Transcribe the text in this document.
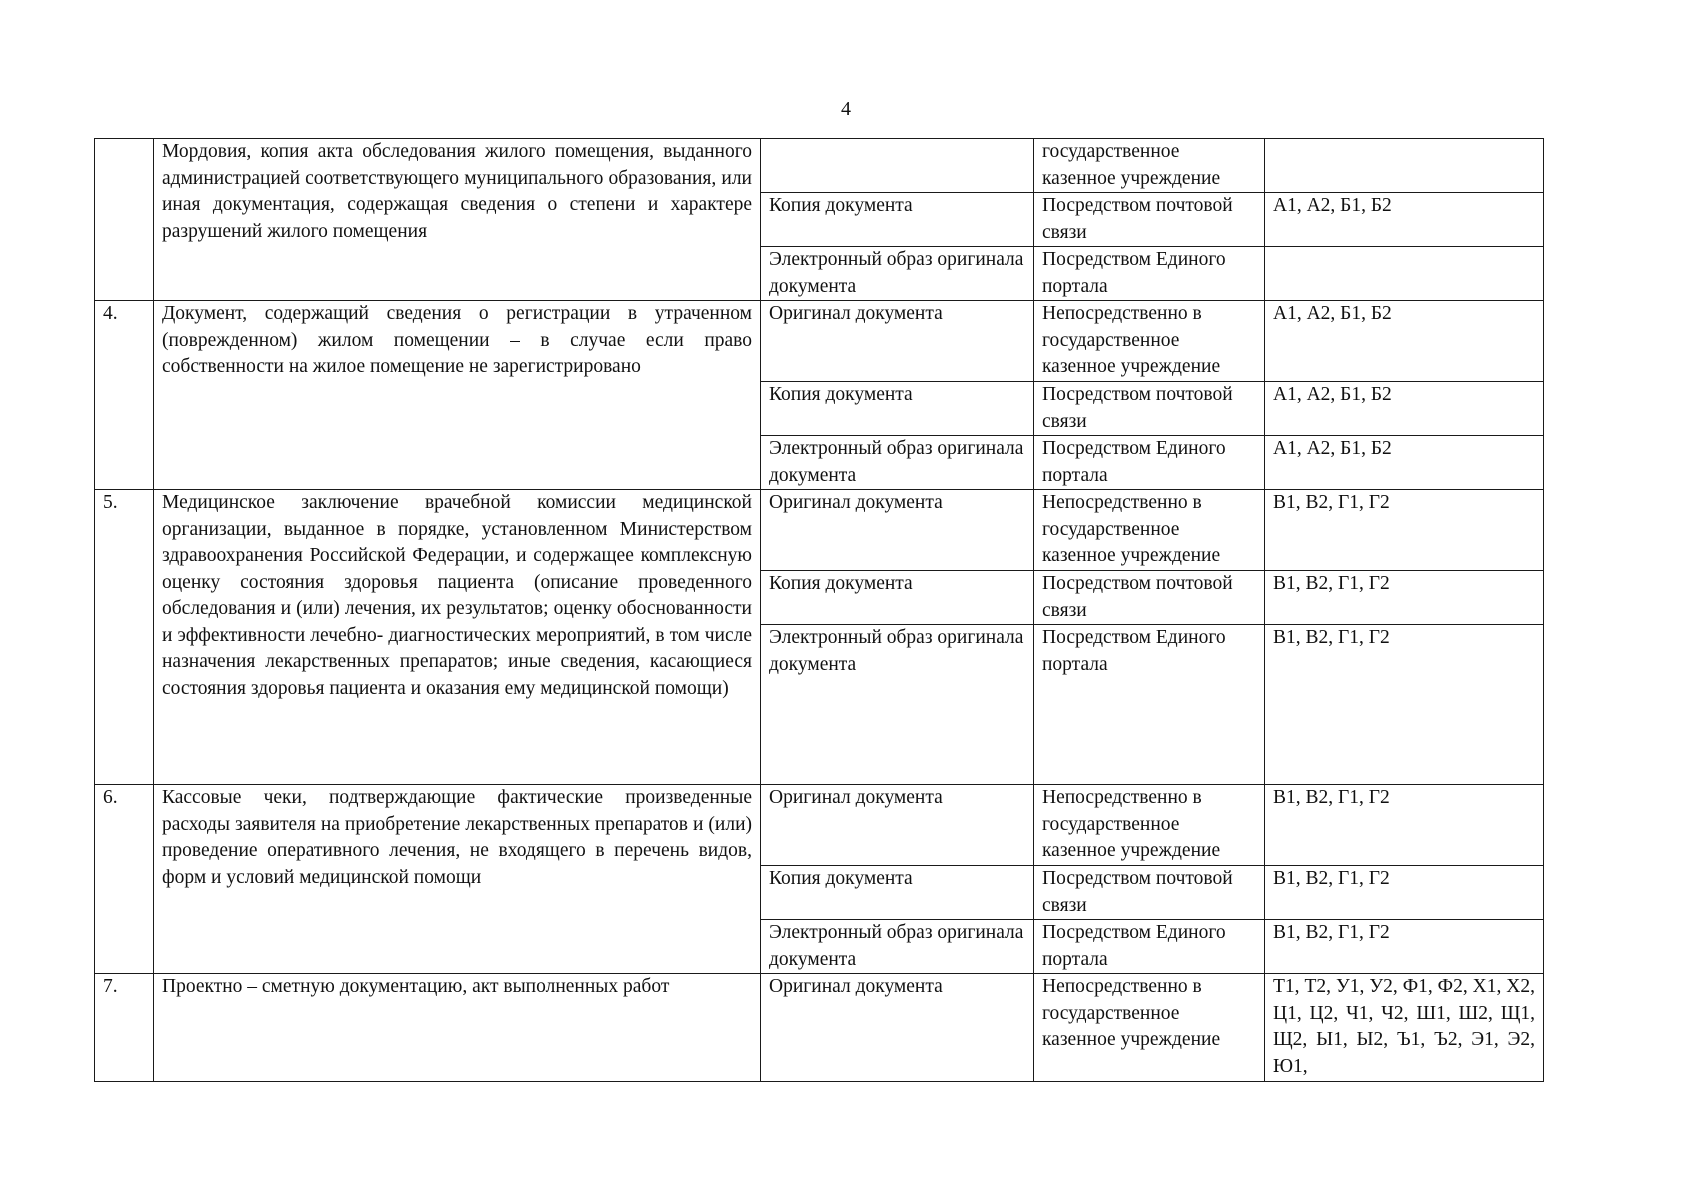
4
	Мордовия, копия акта обследования жилого помещения, выданного администрацией соответствующего муниципального образования, или иная документация, содержащая сведения о степени и характере разрушений жилого помещения		государственное казенное учреждение	
		Копия документа	Посредством почтовой связи	А1, А2, Б1, Б2
		Электронный образ оригинала документа	Посредством Единого портала	
4.	Документ, содержащий сведения о регистрации в утраченном (поврежденном) жилом помещении – в случае если право собственности на жилое помещение не зарегистрировано	Оригинал документа	Непосредственно в государственное казенное учреждение	А1, А2, Б1, Б2
		Копия документа	Посредством почтовой связи	А1, А2, Б1, Б2
		Электронный образ оригинала документа	Посредством Единого портала	А1, А2, Б1, Б2
5.	Медицинское заключение врачебной комиссии медицинской организации, выданное в порядке, установленном Министерством здравоохранения Российской Федерации, и содержащее комплексную оценку состояния здоровья пациента (описание проведенного обследования и (или) лечения, их результатов; оценку обоснованности и эффективности лечебно- диагностических мероприятий, в том числе назначения лекарственных препаратов; иные сведения, касающиеся состояния здоровья пациента и оказания ему медицинской помощи)	Оригинал документа	Непосредственно в государственное казенное учреждение	В1, В2, Г1, Г2
		Копия документа	Посредством почтовой связи	В1, В2, Г1, Г2
		Электронный образ оригинала документа	Посредством Единого портала	В1, В2, Г1, Г2
6.	Кассовые чеки, подтверждающие фактические произведенные расходы заявителя на приобретение лекарственных препаратов и (или) проведение оперативного лечения, не входящего в перечень видов, форм и условий медицинской помощи	Оригинал документа	Непосредственно в государственное казенное учреждение	В1, В2, Г1, Г2
		Копия документа	Посредством почтовой связи	В1, В2, Г1, Г2
		Электронный образ оригинала документа	Посредством Единого портала	В1, В2, Г1, Г2
7.	Проектно – сметную документацию, акт выполненных работ	Оригинал документа	Непосредственно в государственное казенное учреждение	Т1, Т2, У1, У2, Ф1, Ф2, Х1, Х2, Ц1, Ц2, Ч1, Ч2, Ш1, Ш2, Щ1, Щ2, Ы1, Ы2, Ъ1, Ъ2, Э1, Э2, Ю1,
